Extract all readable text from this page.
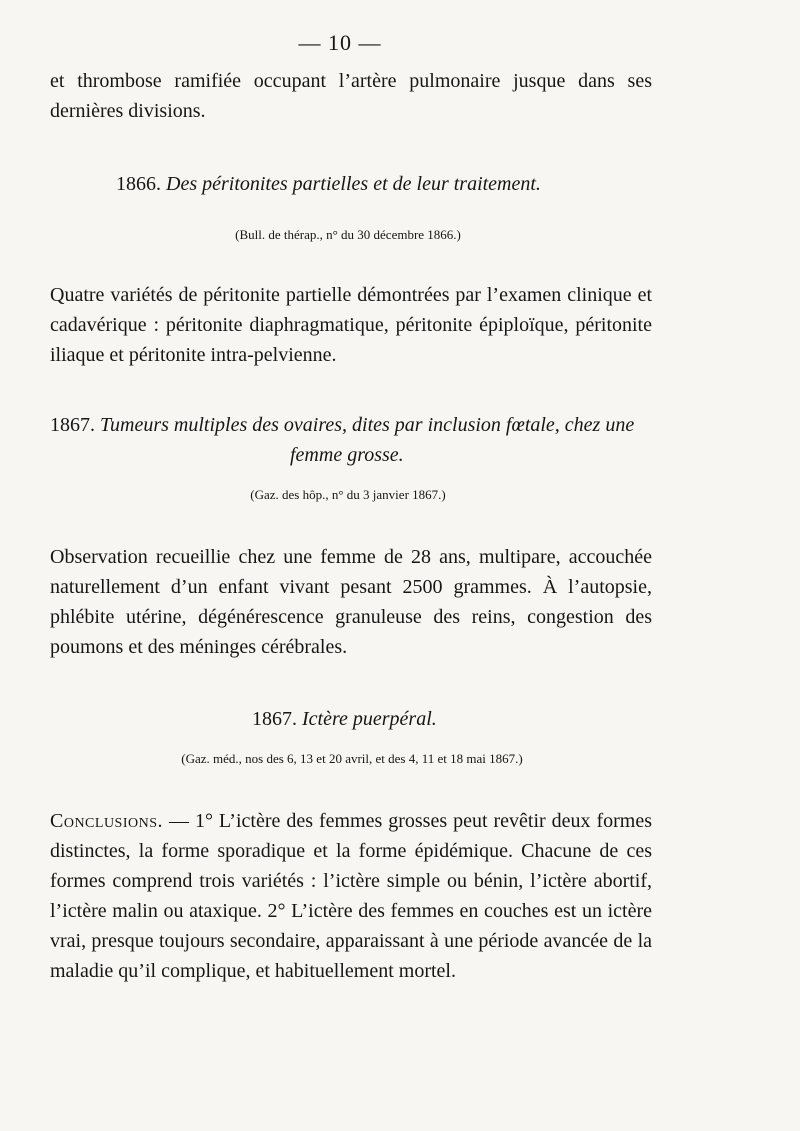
— 10 —
et thrombose ramifiée occupant l’artère pulmonaire jusque dans ses dernières divisions.
1866. Des péritonites partielles et de leur traitement.
(Bull. de thérap., n° du 30 décembre 1866.)
Quatre variétés de péritonite partielle démontrées par l’examen clinique et cadavérique : péritonite diaphragmatique, péritonite épiploïque, péritonite iliaque et péritonite intra-pelvienne.
1867. Tumeurs multiples des ovaires, dites par inclusion fœtale, chez une
femme grosse.
(Gaz. des hôp., n° du 3 janvier 1867.)
Observation recueillie chez une femme de 28 ans, multipare, accouchée naturellement d’un enfant vivant pesant 2500 grammes. À l’autopsie, phlébite utérine, dégénérescence granuleuse des reins, congestion des poumons et des méninges cérébrales.
1867. Ictère puerpéral.
(Gaz. méd., nos des 6, 13 et 20 avril, et des 4, 11 et 18 mai 1867.)
Conclusions. — 1° L’ictère des femmes grosses peut revêtir deux formes distinctes, la forme sporadique et la forme épidémique. Chacune de ces formes comprend trois variétés : l’ictère simple ou bénin, l’ictère abortif, l’ictère malin ou ataxique. 2° L’ictère des femmes en couches est un ictère vrai, presque toujours secondaire, apparaissant à une période avancée de la maladie qu’il complique, et habituellement mortel.
